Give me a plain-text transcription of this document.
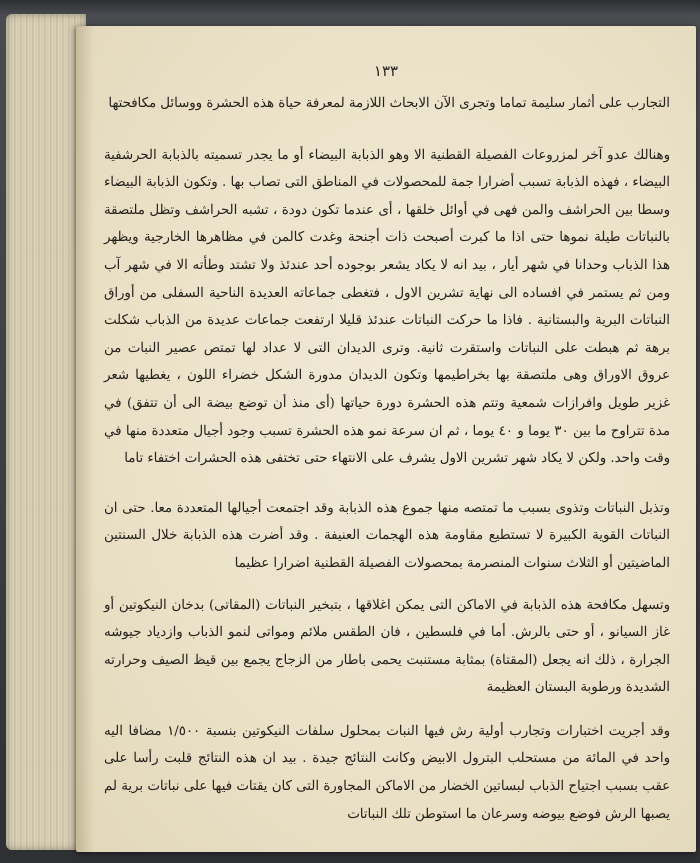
١٣٣

التجارب على أثمار سليمة تماما وتجرى الآن الابحاث اللازمة لمعرفة حياة هذه الحشرة ووسائل مكافحتها

وهنالك عدو آخر لمزروعات الفصيلة القطنية الا وهو الذبابة البيضاء أو ما يجدر تسميته بالذبابة الحرشفية البيضاء ، فهذه الذبابة تسبب أضرارا جمة للمحصولات في المناطق التى تصاب بها . وتكون الذبابة البيضاء وسطا بين الحراشف والمن فهى في أوائل خلقها ، أى عندما تكون دودة ، تشبه الحراشف وتظل ملتصقة بالنباتات طيلة نموها حتى اذا ما كبرت أصبحت ذات أجنحة وغدت كالمن في مظاهرها الخارجية ويظهر هذا الذباب وحدانا في شهر أيار ، بيد انه لا يكاد يشعر بوجوده أحد عندئذ ولا تشتد وطأته الا في شهر آب ومن ثم يستمر في افساده الى نهاية تشرين الاول ، فتغطى جماعاته العديدة الناحية السفلى من أوراق النباتات البرية والبستانية . فاذا ما حركت النباتات عندئذ قليلا ارتفعت جماعات عديدة من الذباب شكلت برهة ثم هبطت على النباتات واستقرت ثانية. وترى الديدان التى لا عداد لها تمتص عصير النبات من عروق الاوراق وهى ملتصقة بها بخراطيمها وتكون الديدان مدورة الشكل خضراء اللون ، يغطيها شعر غزير طويل وافرازات شمعية وتتم هذه الحشرة دورة حياتها (أى منذ أن توضع بيضة الى أن تتفق) في مدة تتراوح ما بين ٣٠ يوما و ٤٠ يوما ، ثم ان سرعة نمو هذه الحشرة تسبب وجود أجيال متعددة منها في وقت واحد. ولكن لا يكاد شهر تشرين الاول يشرف على الانتهاء حتى تختفى هذه الحشرات اختفاء تاما

وتذبل النباتات وتذوى بسبب ما تمتصه منها جموع هذه الذبابة وقد اجتمعت أجيالها المتعددة معا. حتى ان النباتات القوية الكبيرة لا تستطيع مقاومة هذه الهجمات العنيفة . وقد أضرت هذه الذبابة خلال السنتين الماضيتين أو الثلاث سنوات المنصرمة بمحصولات الفصيلة القطنية اضرارا عظيما

وتسهل مكافحة هذه الذبابة في الاماكن التى يمكن اغلاقها ، بتبخير النباتات (المقاتى) بدخان النيكوتين أو غاز السيانو ، أو حتى بالرش. أما في فلسطين ، فان الطقس ملائم ومواتى لنمو الذباب وازدياد جيوشه الجرارة ، ذلك انه يجعل (المقتاة) بمثابة مستنبت يحمى باطار من الزجاج يجمع بين قيظ الصيف وحرارته الشديدة ورطوبة البستان العظيمة

وقد أجريت اختبارات وتجارب أولية رش فيها النبات بمحلول سلفات النيكوتين بنسبة ١/٥٠٠ مضافا اليه واحد في المائة من مستحلب البترول الابيض وكانت النتائج جيدة . بيد ان هذه النتائج قلبت رأسا على عقب بسبب اجتياح الذباب لبساتين الخضار من الاماكن المجاورة التى كان يقتات فيها على نباتات برية لم يصبها الرش فوضع بيوضه وسرعان ما استوطن تلك النباتات
